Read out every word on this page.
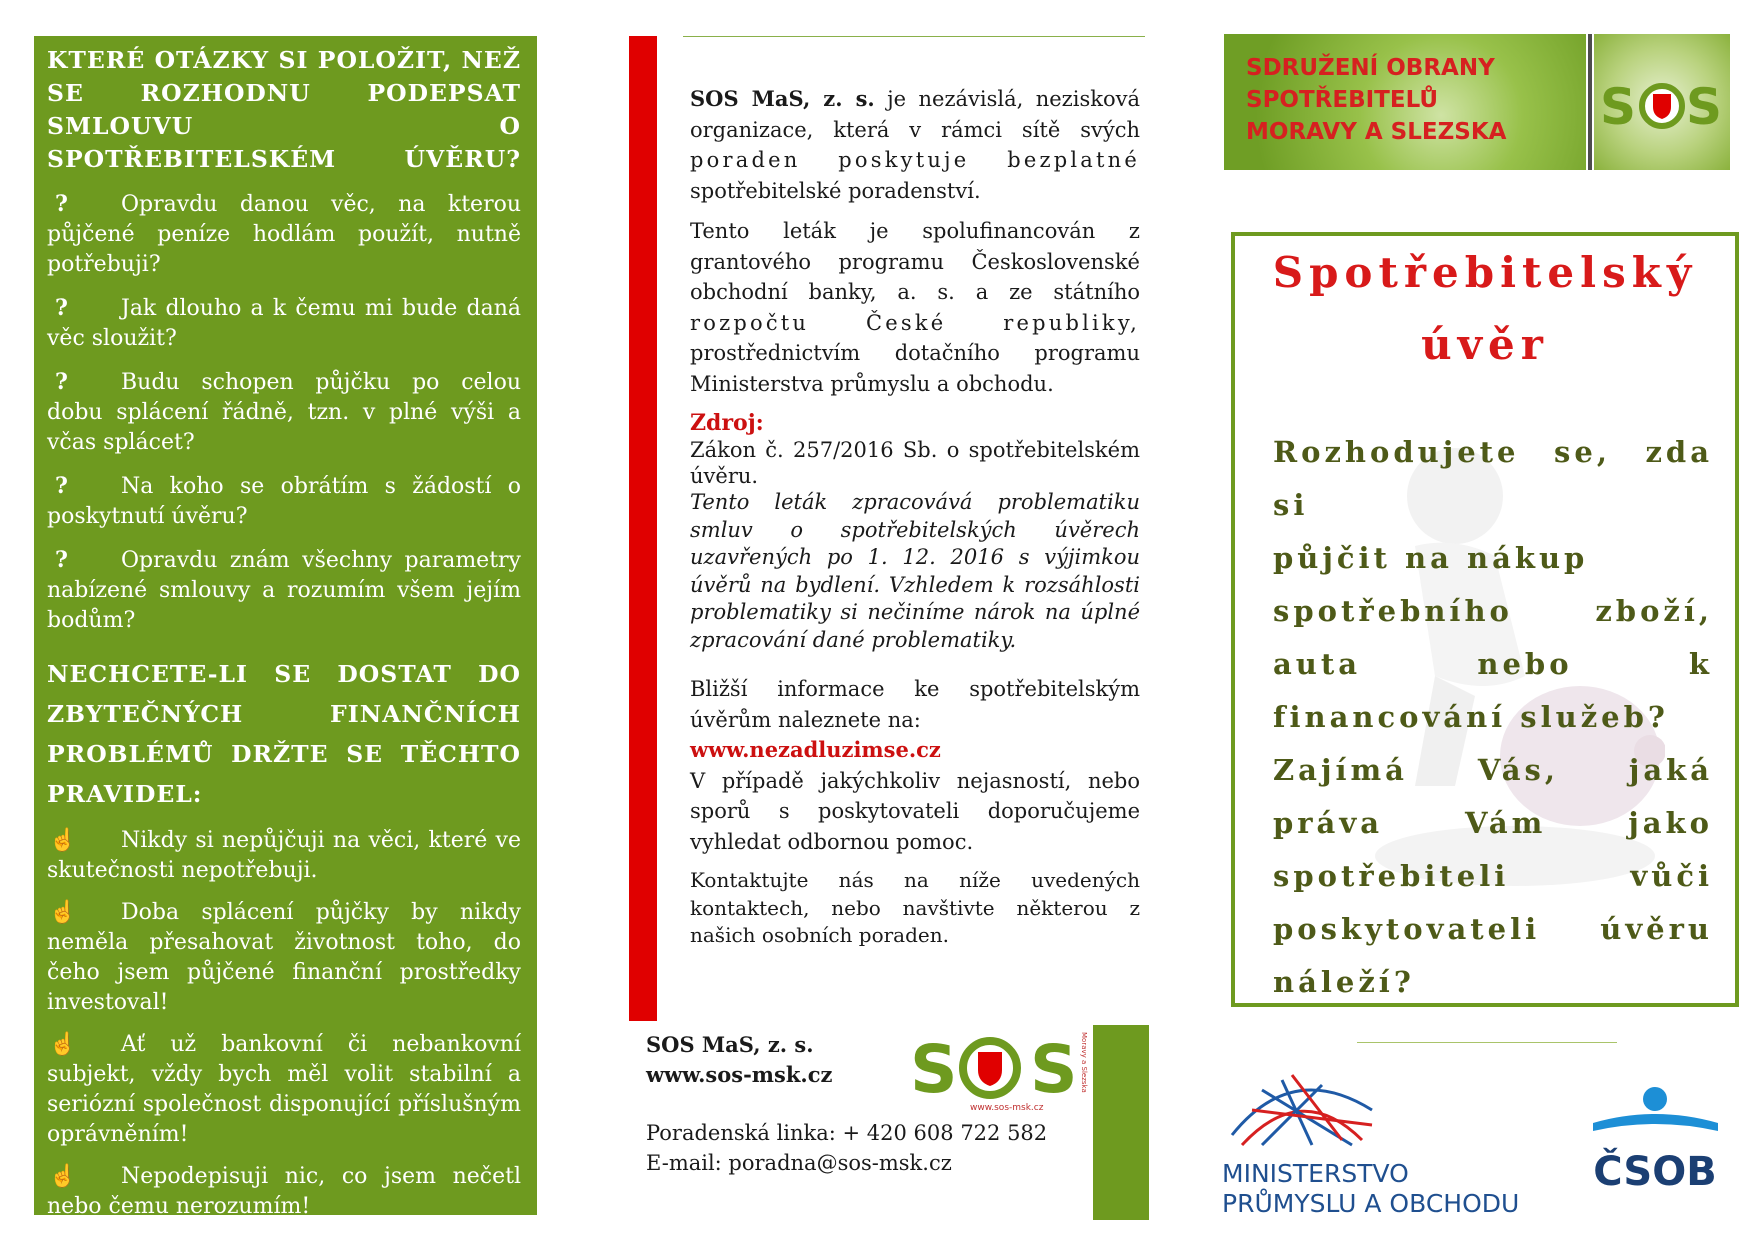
KTERÉ OTÁZKY SI POLOŽIT, NEŽ SE ROZHODNU PODEPSAT SMLOUVU O SPOTŘEBITELSKÉM ÚVĚRU?
? Opravdu danou věc, na kterou půjčené peníze hodlám použít, nutně potřebuji?
? Jak dlouho a k čemu mi bude daná věc sloužit?
? Budu schopen půjčku po celou dobu splácení řádně, tzn. v plné výši a včas splácet?
? Na koho se obrátím s žádostí o poskytnutí úvěru?
? Opravdu znám všechny parametry nabízené smlouvy a rozumím všem jejím bodům?
NECHCETE-LI SE DOSTAT DO ZBYTEČNÝCH FINANČNÍCH PROBLÉMŮ DRŽTE SE TĚCHTO PRAVIDEL:
☝ Nikdy si nepůjčuji na věci, které ve skutečnosti nepotřebuji.
☝ Doba splácení půjčky by nikdy neměla přesahovat životnost toho, do čeho jsem půjčené finanční prostředky investoval!
☝ Ať už bankovní či nebankovní subjekt, vždy bych měl volit stabilní a seriózní společnost disponující příslušným oprávněním!
☝ Nepodepisuji nic, co jsem nečetl nebo čemu nerozumím!

SOS MaS, z. s. je nezávislá, nezisková organizace, která v rámci sítě svých poraden poskytuje bezplatné spotřebitelské poradenství.

Tento leták je spolufinancován z grantového programu Československé obchodní banky, a. s. a ze státního rozpočtu České republiky, prostřednictvím dotačního programu Ministerstva průmyslu a obchodu.

Zdroj:

Zákon č. 257/2016 Sb. o spotřebitelském úvěru.

Tento leták zpracovává problematiku smluv o spotřebitelských úvěrech uzavřených po 1. 12. 2016 s výjimkou úvěrů na bydlení. Vzhledem k rozsáhlosti problematiky si nečiníme nárok na úplné zpracování dané problematiky.

Bližší informace ke spotřebitelským úvěrům naleznete na:

www.nezadluzimse.cz

V případě jakýchkoliv nejasností, nebo sporů s poskytovateli doporučujeme vyhledat odbornou pomoc.

Kontaktujte nás na níže uvedených kontaktech, nebo navštivte některou z našich osobních poraden.

SOS MaS, z. s.
www.sos-msk.cz
Poradenská linka: + 420 608 722 582
E-mail: poradna@sos-msk.cz
S S
www.sos-msk.cz
Moravy a Slezska
SDRUŽENÍ OBRANY
SPOTŘEBITELŮ
MORAVY A SLEZSKA S S
Spotřebitelský
úvěr
Rozhodujete se, zda si
půjčit na nákup
spotřebního zboží,
auta nebo k
financování služeb?
Zajímá Vás, jaká
práva Vám jako
spotřebiteli vůči
poskytovateli úvěru
náleží?
MINISTERSTVO
PRŮMYSLU A OBCHODU
ČSOB
